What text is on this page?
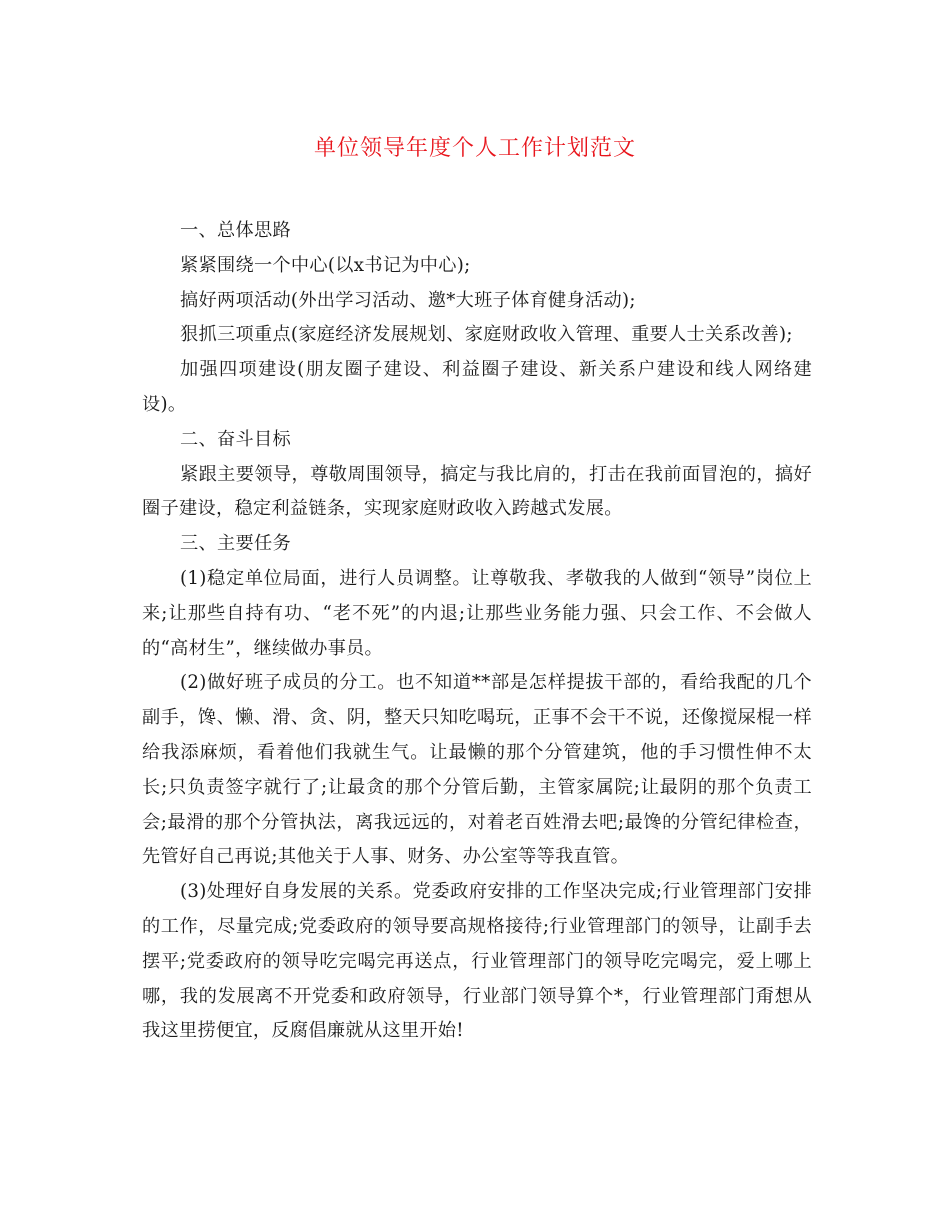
单位领导年度个人工作计划范文

一、总体思路

紧紧围绕一个中心(以x书记为中心);

搞好两项活动(外出学习活动、邀*大班子体育健身活动);

狠抓三项重点(家庭经济发展规划、家庭财政收入管理、重要人士关系改善);

加强四项建设(朋友圈子建设、利益圈子建设、新关系户建设和线人网络建设)。

二、奋斗目标

紧跟主要领导，尊敬周围领导，搞定与我比肩的，打击在我前面冒泡的，搞好圈子建设，稳定利益链条，实现家庭财政收入跨越式发展。

三、主要任务

(1)稳定单位局面，进行人员调整。让尊敬我、孝敬我的人做到“领导”岗位上来;让那些自持有功、“老不死”的内退;让那些业务能力强、只会工作、不会做人的“高材生”，继续做办事员。

(2)做好班子成员的分工。也不知道**部是怎样提拔干部的，看给我配的几个副手，馋、懒、滑、贪、阴，整天只知吃喝玩，正事不会干不说，还像搅屎棍一样给我添麻烦，看着他们我就生气。让最懒的那个分管建筑，他的手习惯性伸不太长;只负责签字就行了;让最贪的那个分管后勤，主管家属院;让最阴的那个负责工会;最滑的那个分管执法，离我远远的，对着老百姓滑去吧;最馋的分管纪律检查，先管好自己再说;其他关于人事、财务、办公室等等我直管。

(3)处理好自身发展的关系。党委政府安排的工作坚决完成;行业管理部门安排的工作，尽量完成;党委政府的领导要高规格接待;行业管理部门的领导，让副手去摆平;党委政府的领导吃完喝完再送点，行业管理部门的领导吃完喝完，爱上哪上哪，我的发展离不开党委和政府领导，行业部门领导算个*，行业管理部门甭想从我这里捞便宜，反腐倡廉就从这里开始!
